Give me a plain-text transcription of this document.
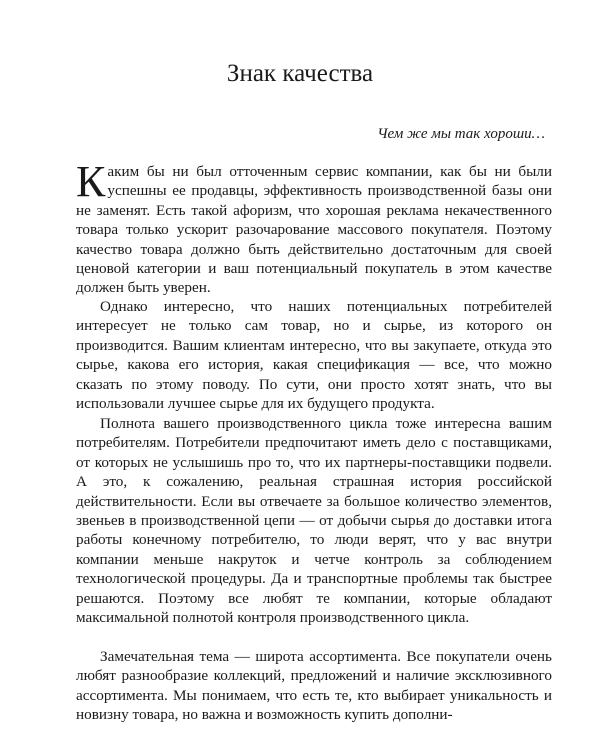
Знак качества

Чем же мы так хороши…

Каким бы ни был отточенным сервис компании, как бы ни были успешны ее продавцы, эффективность производственной базы они не заменят. Есть такой афоризм, что хорошая реклама некачественного товара только ускорит разочарование массового покупателя. Поэтому качество товара должно быть действительно достаточным для своей ценовой категории и ваш потенциальный покупатель в этом качестве должен быть уверен.

Однако интересно, что наших потенциальных потребителей интересует не только сам товар, но и сырье, из которого он производится. Вашим клиентам интересно, что вы закупаете, откуда это сырье, какова его история, какая спецификация — все, что можно сказать по этому поводу. По сути, они просто хотят знать, что вы использовали лучшее сырье для их будущего продукта.

Полнота вашего производственного цикла тоже интересна вашим потребителям. Потребители предпочитают иметь дело с поставщиками, от которых не услышишь про то, что их партнеры-поставщики подвели. А это, к сожалению, реальная страшная история российской действительности. Если вы отвечаете за большое количество элементов, звеньев в производственной цепи — от добычи сырья до доставки итога работы конечному потребителю, то люди верят, что у вас внутри компании меньше накруток и четче контроль за соблюдением технологической процедуры. Да и транспортные проблемы так быстрее решаются. Поэтому все любят те компании, которые обладают максимальной полнотой контроля производственного цикла.

Замечательная тема — широта ассортимента. Все покупатели очень любят разнообразие коллекций, предложений и наличие эксклюзивного ассортимента. Мы понимаем, что есть те, кто выбирает уникальность и новизну товара, но важна и возможность купить дополни-
